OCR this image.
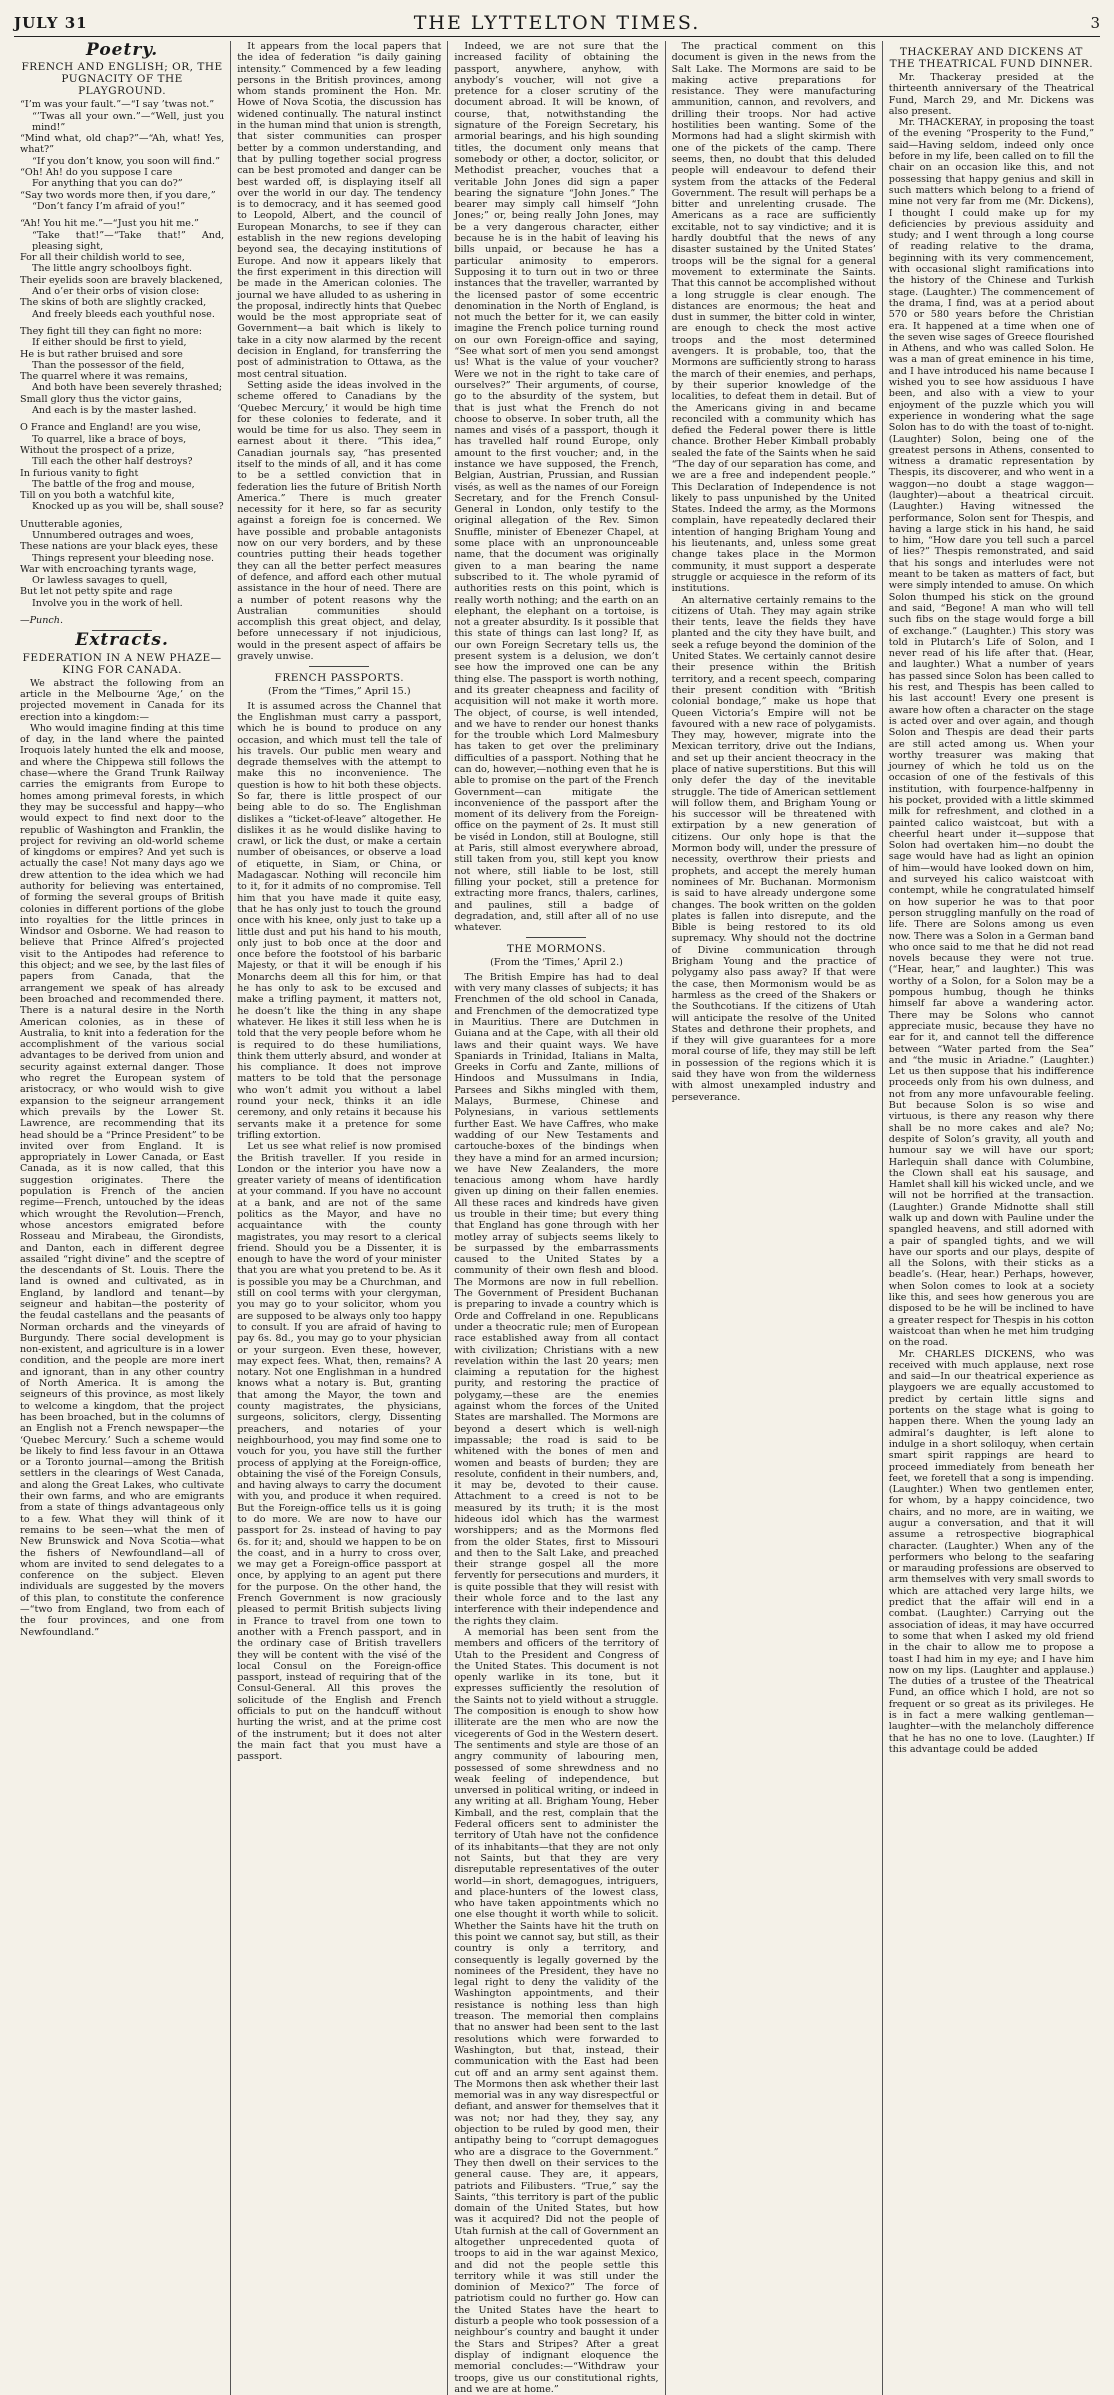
JULY 31	THE LYTTELTON TIMES.	3
Poetry.
FRENCH AND ENGLISH; OR, THE PUGNACITY OF THE PLAYGROUND.
“I’m was your fault.”—“I say ’twas not.”
“’Twas all your own.”—“Well, just you mind!”
“Mind what, old chap?”—“Ah, what! Yes, what?”
“If you don’t know, you soon will find.”
“Oh! Ah! do you suppose I care
For anything that you can do?”
“Say two words more then, if you dare,”
“Don’t fancy I’m afraid of you!”
“Ah! You hit me.”—“Just you hit me.”
“Take that!”—“Take that!” And, pleasing sight,
For all their childish world to see,
The little angry schoolboys fight.
Their eyelids soon are bravely blackened,
And o’er their orbs of vision close:
The skins of both are slightly cracked,
And freely bleeds each youthful nose.
They fight till they can fight no more:
If either should be first to yield,
He is but rather bruised and sore
Than the possessor of the field,
The quarrel where it was remains,
And both have been severely thrashed;
Small glory thus the victor gains,
And each is by the master lashed.
O France and England! are you wise,
To quarrel, like a brace of boys,
Without the prospect of a prize,
Till each the other half destroys?
In furious vanity to fight
The battle of the frog and mouse,
Till on you both a watchful kite,
Knocked up as you will be, shall souse?
Unutterable agonies,
Unnumbered outrages and woes,
These nations are your black eyes, these
Things represent your bleeding nose.
War with encroaching tyrants wage,
Or lawless savages to quell,
But let not petty spite and rage
Involve you in the work of hell.

—Punch.

Extracts.
FEDERATION IN A NEW PHAZE—KING FOR CANADA.

We abstract the following from an article in the Melbourne ‘Age,’ on the projected movement in Canada for its erection into a kingdom:—

Who would imagine finding at this time of day, in the land where the painted Iroquois lately hunted the elk and moose, and where the Chippewa still follows the chase—where the Grand Trunk Railway carries the emigrants from Europe to homes among primeval forests, in which they may be successful and happy—who would expect to find next door to the republic of Washington and Franklin, the project for reviving an old-world scheme of kingdoms or empires? And yet such is actually the case! Not many days ago we drew attention to the idea which we had authority for believing was entertained, of forming the several groups of British colonies in different portions of the globe into royalties for the little princes in Windsor and Osborne. We had reason to believe that Prince Alfred’s projected visit to the Antipodes had reference to this object; and we see, by the last files of papers from Canada, that the arrangement we speak of has already been broached and recommended there. There is a natural desire in the North American colonies, as in these of Australia, to knit into a federation for the accomplishment of the various social advantages to be derived from union and security against external danger. Those who regret the European system of aristocracy, or who would wish to give expansion to the seigneur arrangement which prevails by the Lower St. Lawrence, are recommending that its head should be a “Prince President” to be invited over from England. It is appropriately in Lower Canada, or East Canada, as it is now called, that this suggestion originates. There the population is French of the ancien regime—French, untouched by the ideas which wrought the Revolution—French, whose ancestors emigrated before Rosseau and Mirabeau, the Girondists, and Danton, each in different degree assailed “right divine” and the sceptre of the descendants of St. Louis. There the land is owned and cultivated, as in England, by landlord and tenant—by seigneur and habitan—the posterity of the feudal castellans and the peasants of Norman orchards and the vineyards of Burgundy. There social development is non-existent, and agriculture is in a lower condition, and the people are more inert and ignorant, than in any other country of North America. It is among the seigneurs of this province, as most likely to welcome a kingdom, that the project has been broached, but in the columns of an English not a French newspaper—the ‘Quebec Mercury.’ Such a scheme would be likely to find less favour in an Ottawa or a Toronto journal—among the British settlers in the clearings of West Canada, and along the Great Lakes, who cultivate their own farms, and who are emigrants from a state of things advantageous only to a few. What they will think of it remains to be seen—what the men of New Brunswick and Nova Scotia—what the fishers of Newfoundland—all of whom are invited to send delegates to a conference on the subject. Eleven individuals are suggested by the movers of this plan, to constitute the conference—“two from England, two from each of the four provinces, and one from Newfoundland.”

It appears from the local papers that the idea of federation “is daily gaining intensity.” Commenced by a few leading persons in the British provinces, among whom stands prominent the Hon. Mr. Howe of Nova Scotia, the discussion has widened continually. The natural instinct in the human mind that union is strength, that sister communities can prosper better by a common understanding, and that by pulling together social progress can be best promoted and danger can be best warded off, is displaying itself all over the world in our day. The tendency is to democracy, and it has seemed good to Leopold, Albert, and the council of European Monarchs, to see if they can establish in the new regions developing beyond sea, the decaying institutions of Europe. And now it appears likely that the first experiment in this direction will be made in the American colonies. The journal we have alluded to as ushering in the proposal, indirectly hints that Quebec would be the most appropriate seat of Government—a bait which is likely to take in a city now alarmed by the recent decision in England, for transferring the post of administration to Ottawa, as the most central situation.

Setting aside the ideas involved in the scheme offered to Canadians by the ‘Quebec Mercury,’ it would be high time for these colonies to federate, and it would be time for us also. They seem in earnest about it there. “This idea,” Canadian journals say, “has presented itself to the minds of all, and it has come to be a settled conviction that in federation lies the future of British North America.” There is much greater necessity for it here, so far as security against a foreign foe is concerned. We have possible and probable antagonists now on our very borders, and by these countries putting their heads together they can all the better perfect measures of defence, and afford each other mutual assistance in the hour of need. There are a number of potent reasons why the Australian communities should accomplish this great object, and delay, before unnecessary if not injudicious, would in the present aspect of affairs be gravely unwise.

FRENCH PASSPORTS.
(From the “Times,” April 15.)

It is assumed across the Channel that the Englishman must carry a passport, which he is bound to produce on any occasion, and which must tell the tale of his travels. Our public men weary and degrade themselves with the attempt to make this no inconvenience. The question is how to hit both these objects. So far, there is little prospect of our being able to do so. The Englishman dislikes a “ticket-of-leave” altogether. He dislikes it as he would dislike having to crawl, or lick the dust, or make a certain number of obeisances, or observe a load of etiquette, in Siam, or China, or Madagascar. Nothing will reconcile him to it, for it admits of no compromise. Tell him that you have made it quite easy, that he has only just to touch the ground once with his knee, only just to take up a little dust and put his hand to his mouth, only just to bob once at the door and once before the footstool of his barbaric Majesty, or that it will be enough if his Monarchs deem all this for him, or that he has only to ask to be excused and make a trifling payment, it matters not, he doesn’t like the thing in any shape whatever. He likes it still less when he is told that the very people before whom he is required to do these humiliations, think them utterly absurd, and wonder at his compliance. It does not improve matters to be told that the personage who won’t admit you without a label round your neck, thinks it an idle ceremony, and only retains it because his servants make it a pretence for some trifling extortion.

Let us see what relief is now promised the British traveller. If you reside in London or the interior you have now a greater variety of means of identification at your command. If you have no account at a bank, and are not of the same politics as the Mayor, and have no acquaintance with the county magistrates, you may resort to a clerical friend. Should you be a Dissenter, it is enough to have the word of your minister that you are what you pretend to be. As it is possible you may be a Churchman, and still on cool terms with your clergyman, you may go to your solicitor, whom you are supposed to be always only too happy to consult. If you are afraid of having to pay 6s. 8d., you may go to your physician or your surgeon. Even these, however, may expect fees. What, then, remains? A notary. Not one Englishman in a hundred knows what a notary is. But, granting that among the Mayor, the town and county magistrates, the physicians, surgeons, solicitors, clergy, Dissenting preachers, and notaries of your neighbourhood, you may find some one to vouch for you, you have still the further process of applying at the Foreign-office, obtaining the visé of the Foreign Consuls, and having always to carry the document with you, and produce it when required. But the Foreign-office tells us it is going to do more. We are now to have our passport for 2s. instead of having to pay 6s. for it; and, should we happen to be on the coast, and in a hurry to cross over, we may get a Foreign-office passport at once, by applying to an agent put there for the purpose. On the other hand, the French Government is now graciously pleased to permit British subjects living in France to travel from one town to another with a French passport, and in the ordinary case of British travellers they will be content with the visé of the local Consul on the Foreign-office passport, instead of requiring that of the Consul-General. All this proves the solicitude of the English and French officials to put on the handcuff without hurting the wrist, and at the prime cost of the instrument; but it does not alter the main fact that you must have a passport.

Indeed, we are not sure that the increased facility of obtaining the passport, anywhere, anyhow, with anybody’s voucher, will not give a pretence for a closer scrutiny of the document abroad. It will be known, of course, that, notwithstanding the signature of the Foreign Secretary, his armorial bearings, and his high sounding titles, the document only means that somebody or other, a doctor, solicitor, or Methodist preacher, vouches that a veritable John Jones did sign a paper bearing the signature “John Jones.” The bearer may simply call himself “John Jones;” or, being really John Jones, may be a very dangerous character, either because he is in the habit of leaving his bills unpaid, or because he has a particular animosity to emperors. Supposing it to turn out in two or three instances that the traveller, warranted by the licensed pastor of some eccentric denomination in the North of England, is not much the better for it, we can easily imagine the French police turning round on our own Foreign-office and saying, “See what sort of men you send amongst us! What is the value of your voucher? Were we not in the right to take care of ourselves?” Their arguments, of course, go to the absurdity of the system, but that is just what the French do not choose to observe. In sober truth, all the names and visés of a passport, though it has travelled half round Europe, only amount to the first voucher; and, in the instance we have supposed, the French, Belgian, Austrian, Prussian, and Russian visés, as well as the names of our Foreign Secretary, and for the French Consul-General in London, only testify to the original allegation of the Rev. Simon Snuffle, minister of Ebenezer Chapel, at some place with an unpronounceable name, that the document was originally given to a man bearing the name subscribed to it. The whole pyramid of authorities rests on this point, which is really worth nothing; and the earth on an elephant, the elephant on a tortoise, is not a greater absurdity. Is it possible that this state of things can last long? If, as our own Foreign Secretary tells us, the present system is a delusion, we don’t see how the improved one can be any thing else. The passport is worth nothing, and its greater cheapness and facility of acquisition will not make it worth more. The object, of course, is well intended, and we have to render our honest thanks for the trouble which Lord Malmesbury has taken to get over the preliminary difficulties of a passport. Nothing that he can do, however,—nothing even that he is able to promise on the part of the French Government—can mitigate the inconvenience of the passport after the moment of its delivery from the Foreign-office on the payment of 2s. It must still be viséd in London, still at Boulogne, still at Paris, still almost everywhere abroad, still taken from you, still kept you know not where, still liable to be lost, still filling your pocket, still a pretence for extracting more francs, thalers, carlines, and paulines, still a badge of degradation, and, still after all of no use whatever.

THE MORMONS.
(From the ‘Times,’ April 2.)

The British Empire has had to deal with very many classes of subjects; it has Frenchmen of the old school in Canada, and Frenchmen of the democratized type in Mauritius. There are Dutchmen in Guiana and at the Cape, with all their old laws and their quaint ways. We have Spaniards in Trinidad, Italians in Malta, Greeks in Corfu and Zante, millions of Hindoos and Mussulmans in India, Parsees and Sikhs mingled with them, Malays, Burmese, Chinese and Polynesians, in various settlements further East. We have Caffres, who make wadding of our New Testaments and cartouche-boxes of the bindings when they have a mind for an armed incursion; we have New Zealanders, the more tenacious among whom have hardly given up dining on their fallen enemies. All these races and kindreds have given us trouble in their time; but every thing that England has gone through with her motley array of subjects seems likely to be surpassed by the embarrassments caused to the United States by a community of their own flesh and blood. The Mormons are now in full rebellion. The Government of President Buchanan is preparing to invade a country which is Orde and Coffreland in one. Republicans under a theocratic rule; men of European race established away from all contact with civilization; Christians with a new revelation within the last 20 years; men claiming a reputation for the highest purity, and restoring the practice of polygamy,—these are the enemies against whom the forces of the United States are marshalled. The Mormons are beyond a desert which is well-nigh impassable; the road is said to be whitened with the bones of men and women and beasts of burden; they are resolute, confident in their numbers, and, it may be, devoted to their cause. Attachment to a creed is not to be measured by its truth; it is the most hideous idol which has the warmest worshippers; and as the Mormons fled from the older States, first to Missouri and then to the Salt Lake, and preached their strange gospel all the more fervently for persecutions and murders, it is quite possible that they will resist with their whole force and to the last any interference with their independence and the rights they claim.

A memorial has been sent from the members and officers of the territory of Utah to the President and Congress of the United States. This document is not openly warlike in its tone, but it expresses sufficiently the resolution of the Saints not to yield without a struggle. The composition is enough to show how illiterate are the men who are now the vicegerents of God in the Western desert. The sentiments and style are those of an angry community of labouring men, possessed of some shrewdness and no weak feeling of independence, but unversed in political writing, or indeed in any writing at all. Brigham Young, Heber Kimball, and the rest, complain that the Federal officers sent to administer the territory of Utah have not the confidence of its inhabitants—that they are not only not Saints, but that they are very disreputable representatives of the outer world—in short, demagogues, intriguers, and place-hunters of the lowest class, who have taken appointments which no one else thought it worth while to solicit. Whether the Saints have hit the truth on this point we cannot say, but still, as their country is only a territory, and consequently is legally governed by the nominees of the President, they have no legal right to deny the validity of the Washington appointments, and their resistance is nothing less than high treason. The memorial then complains that no answer had been sent to the last resolutions which were forwarded to Washington, but that, instead, their communication with the East had been cut off and an army sent against them. The Mormons then ask whether their last memorial was in any way disrespectful or defiant, and answer for themselves that it was not; nor had they, they say, any objection to be ruled by good men, their antipathy being to “corrupt demagogues who are a disgrace to the Government.” They then dwell on their services to the general cause. They are, it appears, patriots and Filibusters. “True,” say the Saints, “this territory is part of the public domain of the United States, but how was it acquired? Did not the people of Utah furnish at the call of Government an altogether unprecedented quota of troops to aid in the war against Mexico, and did not the people settle this territory while it was still under the dominion of Mexico?” The force of patriotism could no further go. How can the United States have the heart to disturb a people who took possession of a neighbour’s country and baught it under the Stars and Stripes? After a great display of indignant eloquence the memorial concludes:—“Withdraw your troops, give us our constitutional rights, and we are at home.”

The practical comment on this document is given in the news from the Salt Lake. The Mormons are said to be making active preparations for resistance. They were manufacturing ammunition, cannon, and revolvers, and drilling their troops. Nor had active hostilities been wanting. Some of the Mormons had had a slight skirmish with one of the pickets of the camp. There seems, then, no doubt that this deluded people will endeavour to defend their system from the attacks of the Federal Government. The result will perhaps be a bitter and unrelenting crusade. The Americans as a race are sufficiently excitable, not to say vindictive; and it is hardly doubtful that the news of any disaster sustained by the United States’ troops will be the signal for a general movement to exterminate the Saints. That this cannot be accomplished without a long struggle is clear enough. The distances are enormous; the heat and dust in summer, the bitter cold in winter, are enough to check the most active troops and the most determined avengers. It is probable, too, that the Mormons are sufficiently strong to harass the march of their enemies, and perhaps, by their superior knowledge of the localities, to defeat them in detail. But of the Americans giving in and became reconciled with a community which has defied the Federal power there is little chance. Brother Heber Kimball probably sealed the fate of the Saints when he said “The day of our separation has come, and we are a free and independent people.” This Declaration of Independence is not likely to pass unpunished by the United States. Indeed the army, as the Mormons complain, have repeatedly declared their intention of hanging Brigham Young and his lieutenants, and, unless some great change takes place in the Mormon community, it must support a desperate struggle or acquiesce in the reform of its institutions.

An alternative certainly remains to the citizens of Utah. They may again strike their tents, leave the fields they have planted and the city they have built, and seek a refuge beyond the dominion of the United States. We certainly cannot desire their presence within the British territory, and a recent speech, comparing their present condition with “British colonial bondage,” make us hope that Queen Victoria’s Empire will not be favoured with a new race of polygamists. They may, however, migrate into the Mexican territory, drive out the Indians, and set up their ancient theocracy in the place of native superstitions. But this will only defer the day of the inevitable struggle. The tide of American settlement will follow them, and Brigham Young or his successor will be threatened with extirpation by a new generation of citizens. Our only hope is that the Mormon body will, under the pressure of necessity, overthrow their priests and prophets, and accept the merely human nominees of Mr. Buchanan. Mormonism is said to have already undergone some changes. The book written on the golden plates is fallen into disrepute, and the Bible is being restored to its old supremacy. Why should not the doctrine of Divine communication through Brigham Young and the practice of polygamy also pass away? If that were the case, then Mormonism would be as harmless as the creed of the Shakers or the Southcotians. If the citizens of Utah will anticipate the resolve of the United States and dethrone their prophets, and if they will give guarantees for a more moral course of life, they may still be left in possession of the regions which it is said they have won from the wilderness with almost unexampled industry and perseverance.

THACKERAY AND DICKENS AT THE THEATRICAL FUND DINNER.

Mr. Thackeray presided at the thirteenth anniversary of the Theatrical Fund, March 29, and Mr. Dickens was also present.

Mr. THACKERAY, in proposing the toast of the evening “Prosperity to the Fund,” said—Having seldom, indeed only once before in my life, been called on to fill the chair on an occasion like this, and not possessing that happy genius and skill in such matters which belong to a friend of mine not very far from me (Mr. Dickens), I thought I could make up for my deficiencies by previous assiduity and study; and I went through a long course of reading relative to the drama, beginning with its very commencement, with occasional slight ramifications into the history of the Chinese and Turkish stage. (Laughter.) The commencement of the drama, I find, was at a period about 570 or 580 years before the Christian era. It happened at a time when one of the seven wise sages of Greece flourished in Athens, and who was called Solon. He was a man of great eminence in his time, and I have introduced his name because I wished you to see how assiduous I have been, and also with a view to your enjoyment of the puzzle which you will experience in wondering what the sage Solon has to do with the toast of to-night. (Laughter) Solon, being one of the greatest persons in Athens, consented to witness a dramatic representation by Thespis, its discoverer, and who went in a waggon—no doubt a stage waggon—(laughter)—about a theatrical circuit. (Laughter.) Having witnessed the performance, Solon sent for Thespis, and having a large stick in his hand, he said to him, “How dare you tell such a parcel of lies?” Thespis remonstrated, and said that his songs and interludes were not meant to be taken as matters of fact, but were simply intended to amuse. On which Solon thumped his stick on the ground and said, “Begone! A man who will tell such fibs on the stage would forge a bill of exchange.” (Laughter.) This story was told in Plutarch’s Life of Solon, and I never read of his life after that. (Hear, and laughter.) What a number of years has passed since Solon has been called to his rest, and Thespis has been called to his last account! Every one present is aware how often a character on the stage is acted over and over again, and though Solon and Thespis are dead their parts are still acted among us. When your worthy treasurer was making that journey of which he told us on the occasion of one of the festivals of this institution, with fourpence-halfpenny in his pocket, provided with a little skimmed milk for refreshment, and clothed in a painted calico waistcoat, but with a cheerful heart under it—suppose that Solon had overtaken him—no doubt the sage would have had as light an opinion of him—would have looked down on him, and surveyed his calico waistcoat with contempt, while he congratulated himself on how superior he was to that poor person struggling manfully on the road of life. There are Solons among us even now. There was a Solon in a German band who once said to me that he did not read novels because they were not true. (“Hear, hear,” and laughter.) This was worthy of a Solon, for a Solon may be a pompous humbug, though he thinks himself far above a wandering actor. There may be Solons who cannot appreciate music, because they have no ear for it, and cannot tell the difference between “Water parted from the Sea” and “the music in Ariadne.” (Laughter.) Let us then suppose that his indifference proceeds only from his own dulness, and not from any more unfavourable feeling. But because Solon is so wise and virtuous, is there any reason why there shall be no more cakes and ale? No; despite of Solon’s gravity, all youth and humour say we will have our sport; Harlequin shall dance with Columbine, the Clown shall eat his sausage, and Hamlet shall kill his wicked uncle, and we will not be horrified at the transaction. (Laughter.) Grande Midnotte shall still walk up and down with Pauline under the spangled heavens, and still adorned with a pair of spangled tights, and we will have our sports and our plays, despite of all the Solons, with their sticks as a beadle’s. (Hear, hear.) Perhaps, however, when Solon comes to look at a society like this, and sees how generous you are disposed to be he will be inclined to have a greater respect for Thespis in his cotton waistcoat than when he met him trudging on the road.

Mr. CHARLES DICKENS, who was received with much applause, next rose and said—In our theatrical experience as playgoers we are equally accustomed to predict by certain little signs and portents on the stage what is going to happen there. When the young lady an admiral’s daughter, is left alone to indulge in a short soliloquy, when certain smart spirit rappings are heard to proceed immediately from beneath her feet, we foretell that a song is impending. (Laughter.) When two gentlemen enter, for whom, by a happy coincidence, two chairs, and no more, are in waiting, we augur a conversation, and that it will assume a retrospective biographical character. (Laughter.) When any of the performers who belong to the seafaring or marauding professions are observed to arm themselves with very small swords to which are attached very large hilts, we predict that the affair will end in a combat. (Laughter.) Carrying out the association of ideas, it may have occurred to some that when I asked my old friend in the chair to allow me to propose a toast I had him in my eye; and I have him now on my lips. (Laughter and applause.) The duties of a trustee of the Theatrical Fund, an office which I hold, are not so frequent or so great as its privileges. He is in fact a mere walking gentleman—laughter—with the melancholy difference that he has no one to love. (Laughter.) If this advantage could be added
